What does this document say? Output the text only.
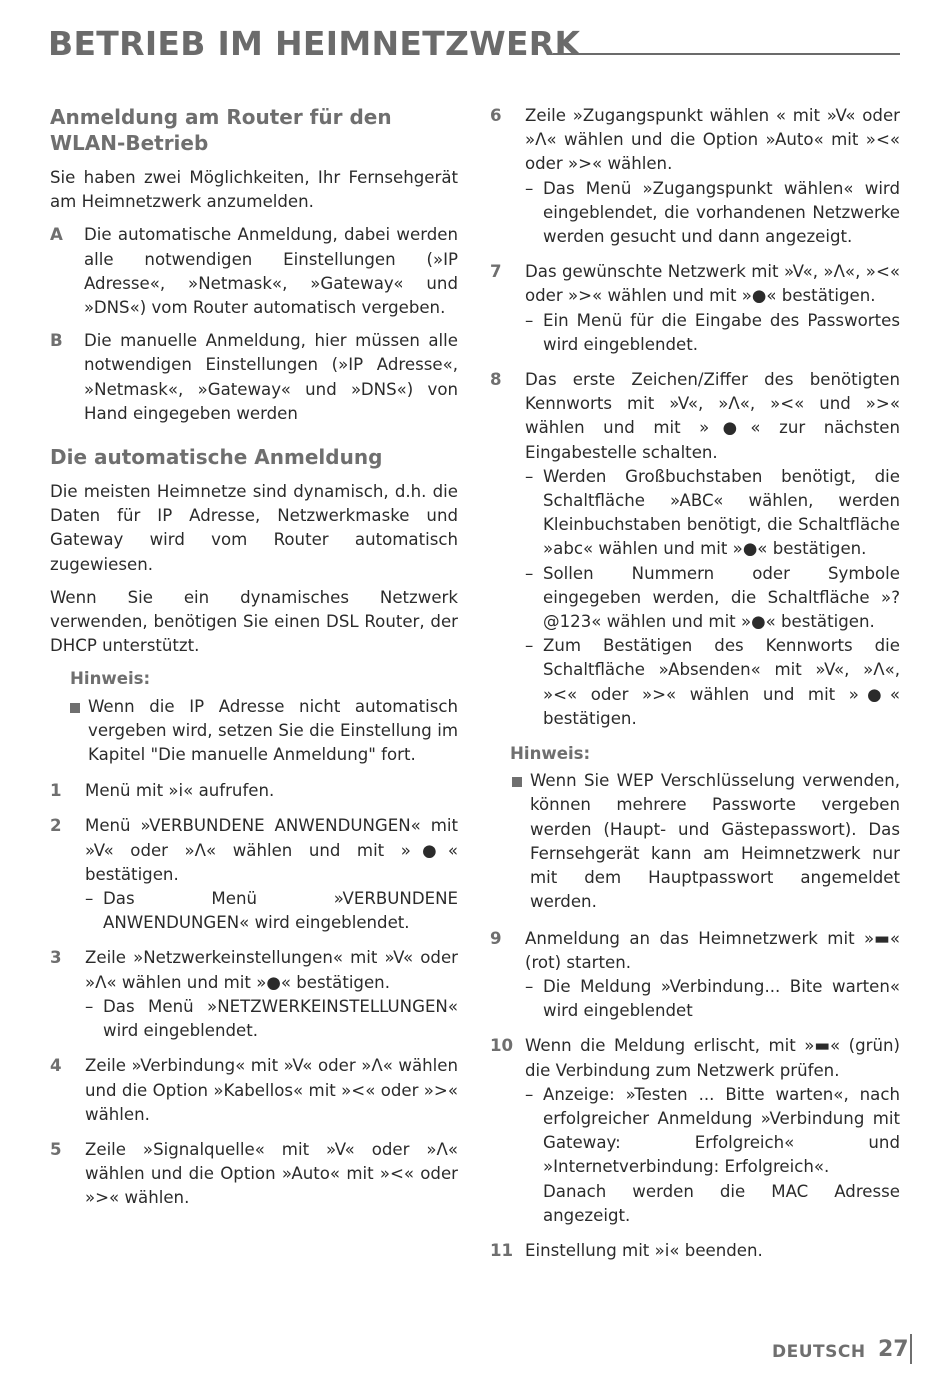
BETRIEB IM HEIMNETZWERK
Anmeldung am Router für den WLAN-Betrieb

Sie haben zwei Möglichkeiten, Ihr Fernsehgerät am Heimnetzwerk anzumelden.

A	Die automatische Anmeldung, dabei werden alle notwendigen Einstellungen (»IP Adresse«, »Netmask«, »Gateway« und »DNS«) vom Router automatisch vergeben.
B	Die manuelle Anmeldung, hier müssen alle notwendigen Einstellungen (»IP Adresse«, »Netmask«, »Gateway« und »DNS«) von Hand eingegeben werden
Die automatische Anmeldung

Die meisten Heimnetze sind dynamisch, d.h. die Daten für IP Adresse, Netzwerkmaske und Gateway wird vom Router automatisch zugewiesen.

Wenn Sie ein dynamisches Netzwerk verwenden, benötigen Sie einen DSL Router, der DHCP unterstützt.

Hinweis:
Wenn die IP Adresse nicht automatisch vergeben wird, setzen Sie die Einstellung im Kapitel "Die manuelle Anmeldung" fort.
1	Menü mit »i« aufrufen.
2	Menü »VERBUNDENE ANWENDUNGEN« mit »V« oder »Λ« wählen und mit »●« bestätigen.
– Das Menü »VERBUNDENE ANWENDUNGEN« wird eingeblendet.
3	Zeile »Netzwerkeinstellungen« mit »V« oder »Λ« wählen und mit »●« bestätigen.
– Das Menü »NETZWERKEINSTELLUNGEN« wird eingeblendet.
4	Zeile »Verbindung« mit »V« oder »Λ« wählen und die Option »Kabellos« mit »<« oder »>« wählen.
5	Zeile »Signalquelle« mit »V« oder »Λ« wählen und die Option »Auto« mit »<« oder »>« wählen.
6	Zeile »Zugangspunkt wählen « mit »V« oder »Λ« wählen und die Option »Auto« mit »<« oder »>« wählen.
– Das Menü »Zugangspunkt wählen« wird eingeblendet, die vorhandenen Netzwerke werden gesucht und dann angezeigt.
7	Das gewünschte Netzwerk mit »V«, »Λ«, »<« oder »>« wählen und mit »●« bestätigen.
– Ein Menü für die Eingabe des Passwortes wird eingeblendet.
8	Das erste Zeichen/Ziffer des benötigten Kennworts mit »V«, »Λ«, »<« und »>« wählen und mit »●« zur nächsten Eingabestelle schalten.
– Werden Großbuchstaben benötigt, die Schaltfläche »ABC« wählen, werden Kleinbuchstaben benötigt, die Schaltfläche »abc« wählen und mit »●« bestätigen.
– Sollen Nummern oder Symbole eingegeben werden, die Schaltfläche »?@123« wählen und mit »●« bestätigen.
– Zum Bestätigen des Kennworts die Schaltfläche »Absenden« mit »V«, »Λ«, »<« oder »>« wählen und mit »●« bestätigen.
Hinweis:
Wenn Sie WEP Verschlüsselung verwenden, können mehrere Passworte vergeben werden (Haupt- und Gästepasswort). Das Fernsehgerät kann am Heimnetzwerk nur mit dem Hauptpasswort angemeldet werden.
9	Anmeldung an das Heimnetzwerk mit »▬« (rot) starten.
– Die Meldung »Verbindung... Bite warten« wird eingeblendet
10 Wenn die Meldung erlischt, mit »▬« (grün) die Verbindung zum Netzwerk prüfen.
– Anzeige: »Testen ... Bitte warten«, nach erfolgreicher Anmeldung »Verbindung mit Gateway: Erfolgreich« und »Internetverbindung: Erfolgreich«.
Danach werden die MAC Adresse angezeigt.
11 Einstellung mit »i« beenden.
DEUTSCH 27
